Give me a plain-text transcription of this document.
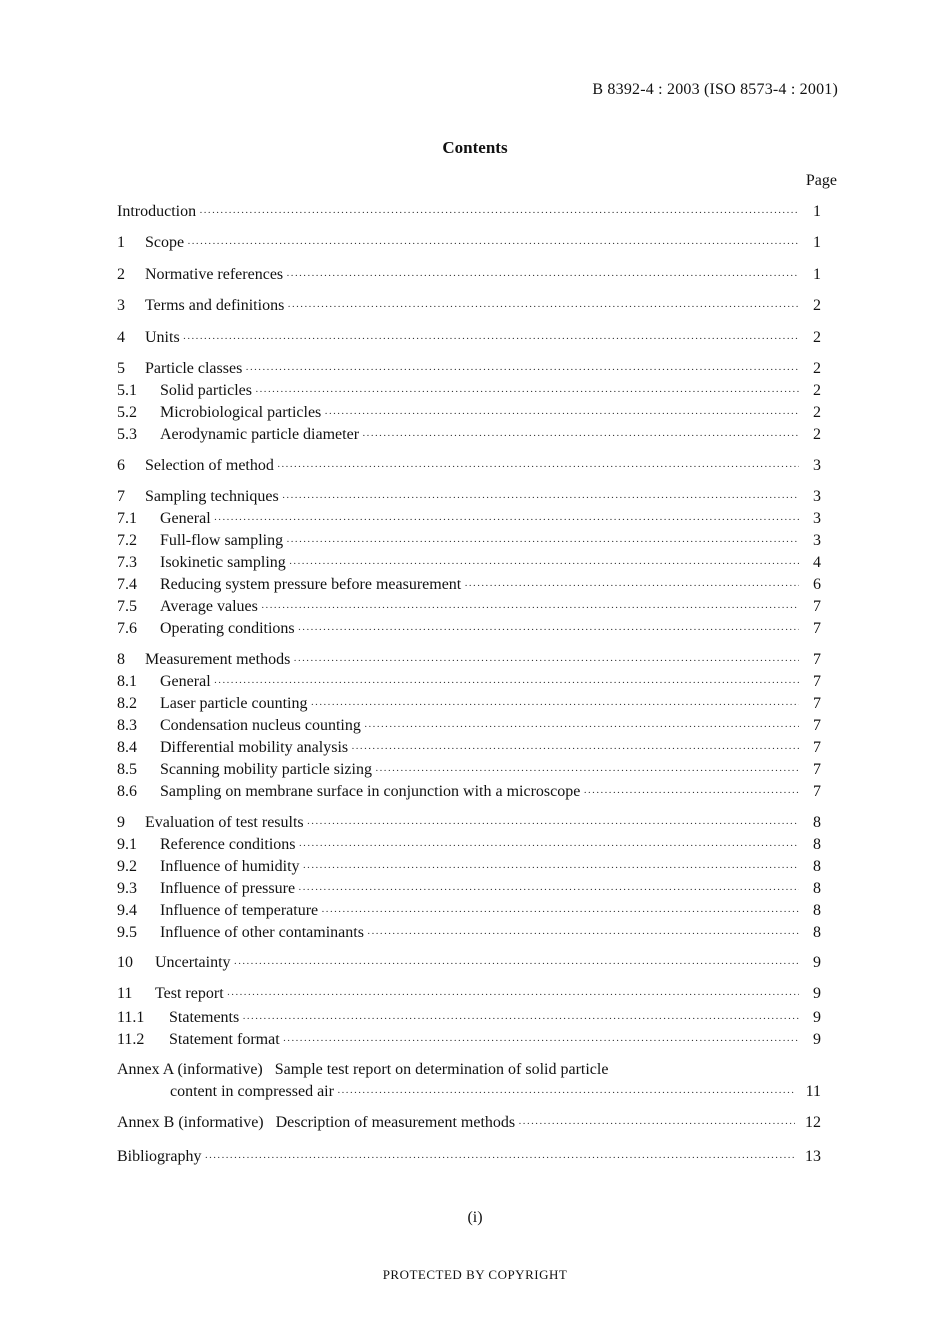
B 8392-4 : 2003 (ISO 8573-4 : 2001)
Contents
Page
Introduction ·····	1
1	Scope ·····	1
2	Normative references ·····	1
3	Terms and definitions ·····	2
4	Units ·····	2
5	Particle classes ·····	2
5.1	Solid particles ·····	2
5.2	Microbiological particles ·····	2
5.3	Aerodynamic particle diameter ·····	2
6	Selection of method ·····	3
7	Sampling techniques ·····	3
7.1	General ·····	3
7.2	Full-flow sampling ·····	3
7.3	Isokinetic sampling ·····	4
7.4	Reducing system pressure before measurement ·····	6
7.5	Average values ·····	7
7.6	Operating conditions ·····	7
8	Measurement methods ·····	7
8.1	General ·····	7
8.2	Laser particle counting ·····	7
8.3	Condensation nucleus counting ·····	7
8.4	Differential mobility analysis ·····	7
8.5	Scanning mobility particle sizing ·····	7
8.6	Sampling on membrane surface in conjunction with a microscope ·····	7
9	Evaluation of test results ·····	8
9.1	Reference conditions ·····	8
9.2	Influence of humidity ·····	8
9.3	Influence of pressure ·····	8
9.4	Influence of temperature ·····	8
9.5	Influence of other contaminants ·····	8
10	Uncertainty ·····	9
11	Test report ·····	9
11.1	Statements ·····	9
11.2	Statement format ·····	9
Annex A (informative)   Sample test report on determination of solid particle
content in compressed air ·····	11
Annex B (informative)   Description of measurement methods ·····	12
Bibliography ·····	13
(i)
PROTECTED BY COPYRIGHT
